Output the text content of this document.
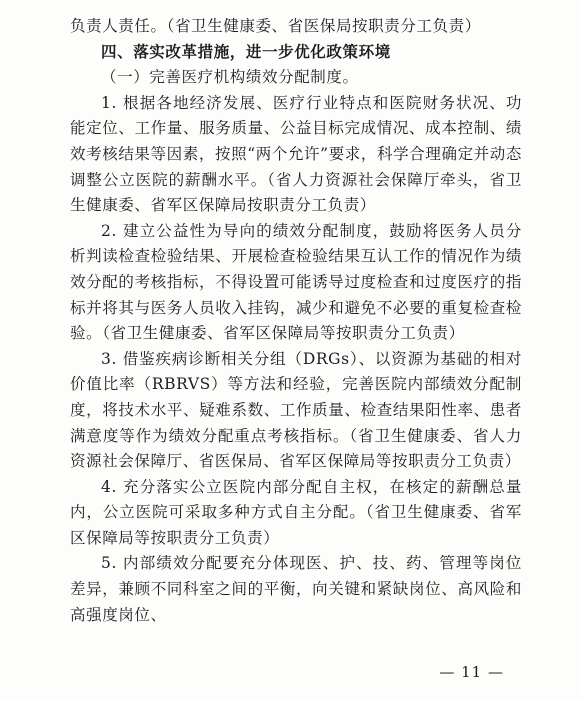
负责人责任。（省卫生健康委、省医保局按职责分工负责）

四、落实改革措施，进一步优化政策环境

（一）完善医疗机构绩效分配制度。

1. 根据各地经济发展、医疗行业特点和医院财务状况、功能定位、工作量、服务质量、公益目标完成情况、成本控制、绩效考核结果等因素，按照“两个允许”要求，科学合理确定并动态调整公立医院的薪酬水平。（省人力资源社会保障厅牵头，省卫生健康委、省军区保障局按职责分工负责）

2. 建立公益性为导向的绩效分配制度，鼓励将医务人员分析判读检查检验结果、开展检查检验结果互认工作的情况作为绩效分配的考核指标，不得设置可能诱导过度检查和过度医疗的指标并将其与医务人员收入挂钩，减少和避免不必要的重复检查检验。（省卫生健康委、省军区保障局等按职责分工负责）

3. 借鉴疾病诊断相关分组（DRGs）、以资源为基础的相对价值比率（RBRVS）等方法和经验，完善医院内部绩效分配制度，将技术水平、疑难系数、工作质量、检查结果阳性率、患者满意度等作为绩效分配重点考核指标。（省卫生健康委、省人力资源社会保障厅、省医保局、省军区保障局等按职责分工负责）

4. 充分落实公立医院内部分配自主权，在核定的薪酬总量内，公立医院可采取多种方式自主分配。（省卫生健康委、省军区保障局等按职责分工负责）

5. 内部绩效分配要充分体现医、护、技、药、管理等岗位差异，兼顾不同科室之间的平衡，向关键和紧缺岗位、高风险和高强度岗位、

— 11 —
